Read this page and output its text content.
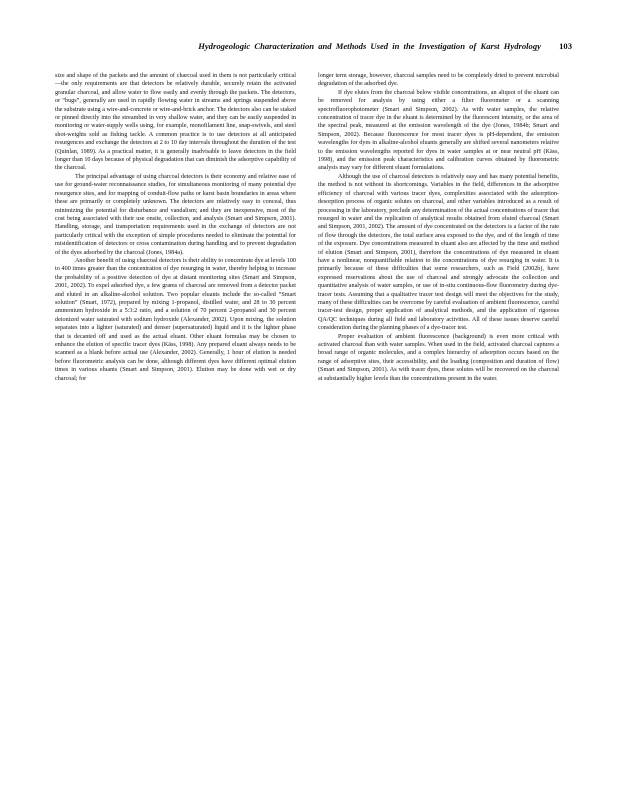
Hydrogeologic Characterization and Methods Used in the Investigation of Karst Hydrology 103

size and shape of the packets and the amount of charcoal used in them is not particularly critical—the only requirements are that detectors be relatively durable, securely retain the activated granular charcoal, and allow water to flow easily and evenly through the packets. The detectors, or “bugs”, generally are used in rapidly flowing water in streams and springs suspended above the substrate using a wire-and-concrete or wire-and-brick anchor. The detectors also can be staked or pinned directly into the streambed in very shallow water, and they can be easily suspended in monitoring or water-supply wells using, for example, monofilament line, snap-swivels, and steel shot-weights sold as fishing tackle. A common practice is to use detectors at all anticipated resurgences and exchange the detectors at 2 to 10 day intervals throughout the duration of the test (Quinlan, 1989). As a practical matter, it is generally inadvisable to leave detectors in the field longer than 10 days because of physical degradation that can diminish the adsorptive capability of the charcoal.

The principal advantage of using charcoal detectors is their economy and relative ease of use for ground-water reconnaissance studies, for simultaneous monitoring of many potential dye resurgence sites, and for mapping of conduit-flow paths or karst basin boundaries in areas where these are primarily or completely unknown. The detectors are relatively easy to conceal, thus minimizing the potential for disturbance and vandalism; and they are inexpensive, most of the cost being associated with their use onsite, collection, and analysis (Smart and Simpson, 2001). Handling, storage, and transportation requirements used in the exchange of detectors are not particularly critical with the exception of simple procedures needed to eliminate the potential for misidentification of detectors or cross contamination during handling and to prevent degradation of the dyes adsorbed by the charcoal (Jones, 1984a).

Another benefit of using charcoal detectors is their ability to concentrate dye at levels 100 to 400 times greater than the concentration of dye resurging in water, thereby helping to increase the probability of a positive detection of dye at distant monitoring sites (Smart and Simpson, 2001, 2002). To expel adsorbed dye, a few grams of charcoal are removed from a detector packet and eluted in an alkaline-alcohol solution. Two popular eluants include the so-called “Smart solution” (Smart, 1972), prepared by mixing 1-propanol, distilled water, and 28 to 30 percent ammonium hydroxide in a 5:3:2 ratio, and a solution of 70 percent 2-propanol and 30 percent deionized water saturated with sodium hydroxide (Alexander, 2002). Upon mixing, the solution separates into a lighter (saturated) and denser (supersaturated) liquid and it is the lighter phase that is decanted off and used as the actual eluant. Other eluant formulas may be chosen to enhance the elution of specific tracer dyes (Käss, 1998). Any prepared eluant always needs to be scanned as a blank before actual use (Alexander, 2002). Generally, 1 hour of elution is needed before fluorometric analysis can be done, although different dyes have different optimal elution times in various eluants (Smart and Simpson, 2001). Elution may be done with wet or dry charcoal; for

longer term storage, however, charcoal samples need to be completely dried to prevent microbial degradation of the adsorbed dye.

If dye elutes from the charcoal below visible concentrations, an aliquot of the eluant can be removed for analysis by using either a filter fluorometer or a scanning spectrofluorophotometer (Smart and Simpson, 2002). As with water samples, the relative concentration of tracer dye in the eluant is determined by the fluorescent intensity, or the area of the spectral peak, measured at the emission wavelength of the dye (Jones, 1984b; Smart and Simpson, 2002). Because fluorescence for most tracer dyes is pH-dependent, the emission wavelengths for dyes in alkaline-alcohol eluants generally are shifted several nanometers relative to the emission wavelengths reported for dyes in water samples at or near neutral pH (Käss, 1998), and the emission peak characteristics and calibration curves obtained by fluorometric analysis may vary for different eluant formulations.

Although the use of charcoal detectors is relatively easy and has many potential benefits, the method is not without its shortcomings. Variables in the field, differences in the adsorptive efficiency of charcoal with various tracer dyes, complexities associated with the adsorption-desorption process of organic solutes on charcoal, and other variables introduced as a result of processing in the laboratory, preclude any determination of the actual concentrations of tracer that resurged in water and the replication of analytical results obtained from eluted charcoal (Smart and Simpson, 2001, 2002). The amount of dye concentrated on the detectors is a factor of the rate of flow through the detectors, the total surface area exposed to the dye, and of the length of time of the exposure. Dye concentrations measured in eluant also are affected by the time and method of elution (Smart and Simpson, 2001), therefore the concentrations of dye measured in eluant have a nonlinear, nonquantifiable relation to the concentrations of dye resurging in water. It is primarily because of these difficulties that some researchers, such as Field (2002b), have expressed reservations about the use of charcoal and strongly advocate the collection and quantitative analysis of water samples, or use of in-situ continuous-flow fluorometry during dye-tracer tests. Assuming that a qualitative tracer test design will meet the objectives for the study, many of these difficulties can be overcome by careful evaluation of ambient fluorescence, careful tracer-test design, proper application of analytical methods, and the application of rigorous QA/QC techniques during all field and laboratory activities. All of these issues deserve careful consideration during the planning phases of a dye-tracer test.

Proper evaluation of ambient fluorescence (background) is even more critical with activated charcoal than with water samples. When used in the field, activated charcoal captures a broad range of organic molecules, and a complex hierarchy of adsorption occurs based on the range of adsorptive sites, their accessibility, and the loading (composition and duration of flow) (Smart and Simpson, 2001). As with tracer dyes, these solutes will be recovered on the charcoal at substantially higher levels than the concentrations present in the water.
